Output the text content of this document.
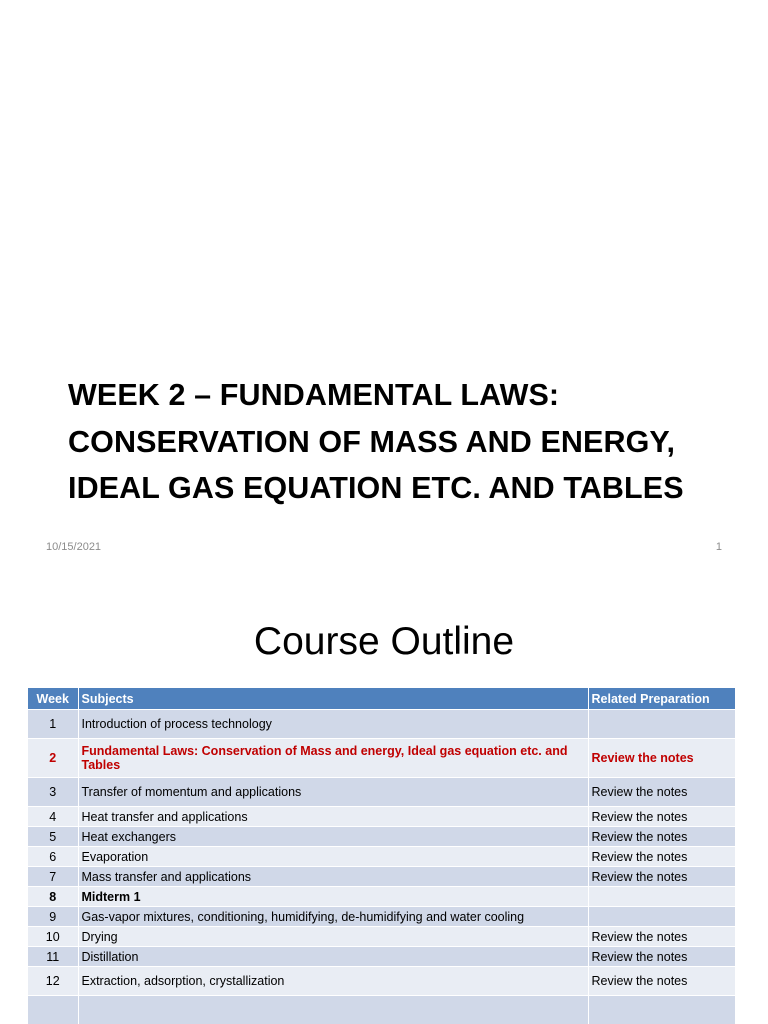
WEEK 2 – FUNDAMENTAL LAWS:
CONSERVATION OF MASS AND ENERGY,
IDEAL GAS EQUATION ETC. AND TABLES
10/15/2021	1
Course Outline
Week	Subjects	Related Preparation
1	Introduction of process technology	
2	Fundamental Laws: Conservation of Mass and energy, Ideal gas equation etc. and Tables	Review the notes
3	Transfer of momentum and applications	Review the notes
4	Heat transfer and applications	Review the notes
5	Heat exchangers	Review the notes
6	Evaporation	Review the notes
7	Mass transfer and applications	Review the notes
8	Midterm 1	
9	Gas-vapor mixtures, conditioning, humidifying, de-humidifying and water cooling	
10	Drying	Review the notes
11	Distillation	Review the notes
12	Extraction, adsorption, crystallization	Review the notes
